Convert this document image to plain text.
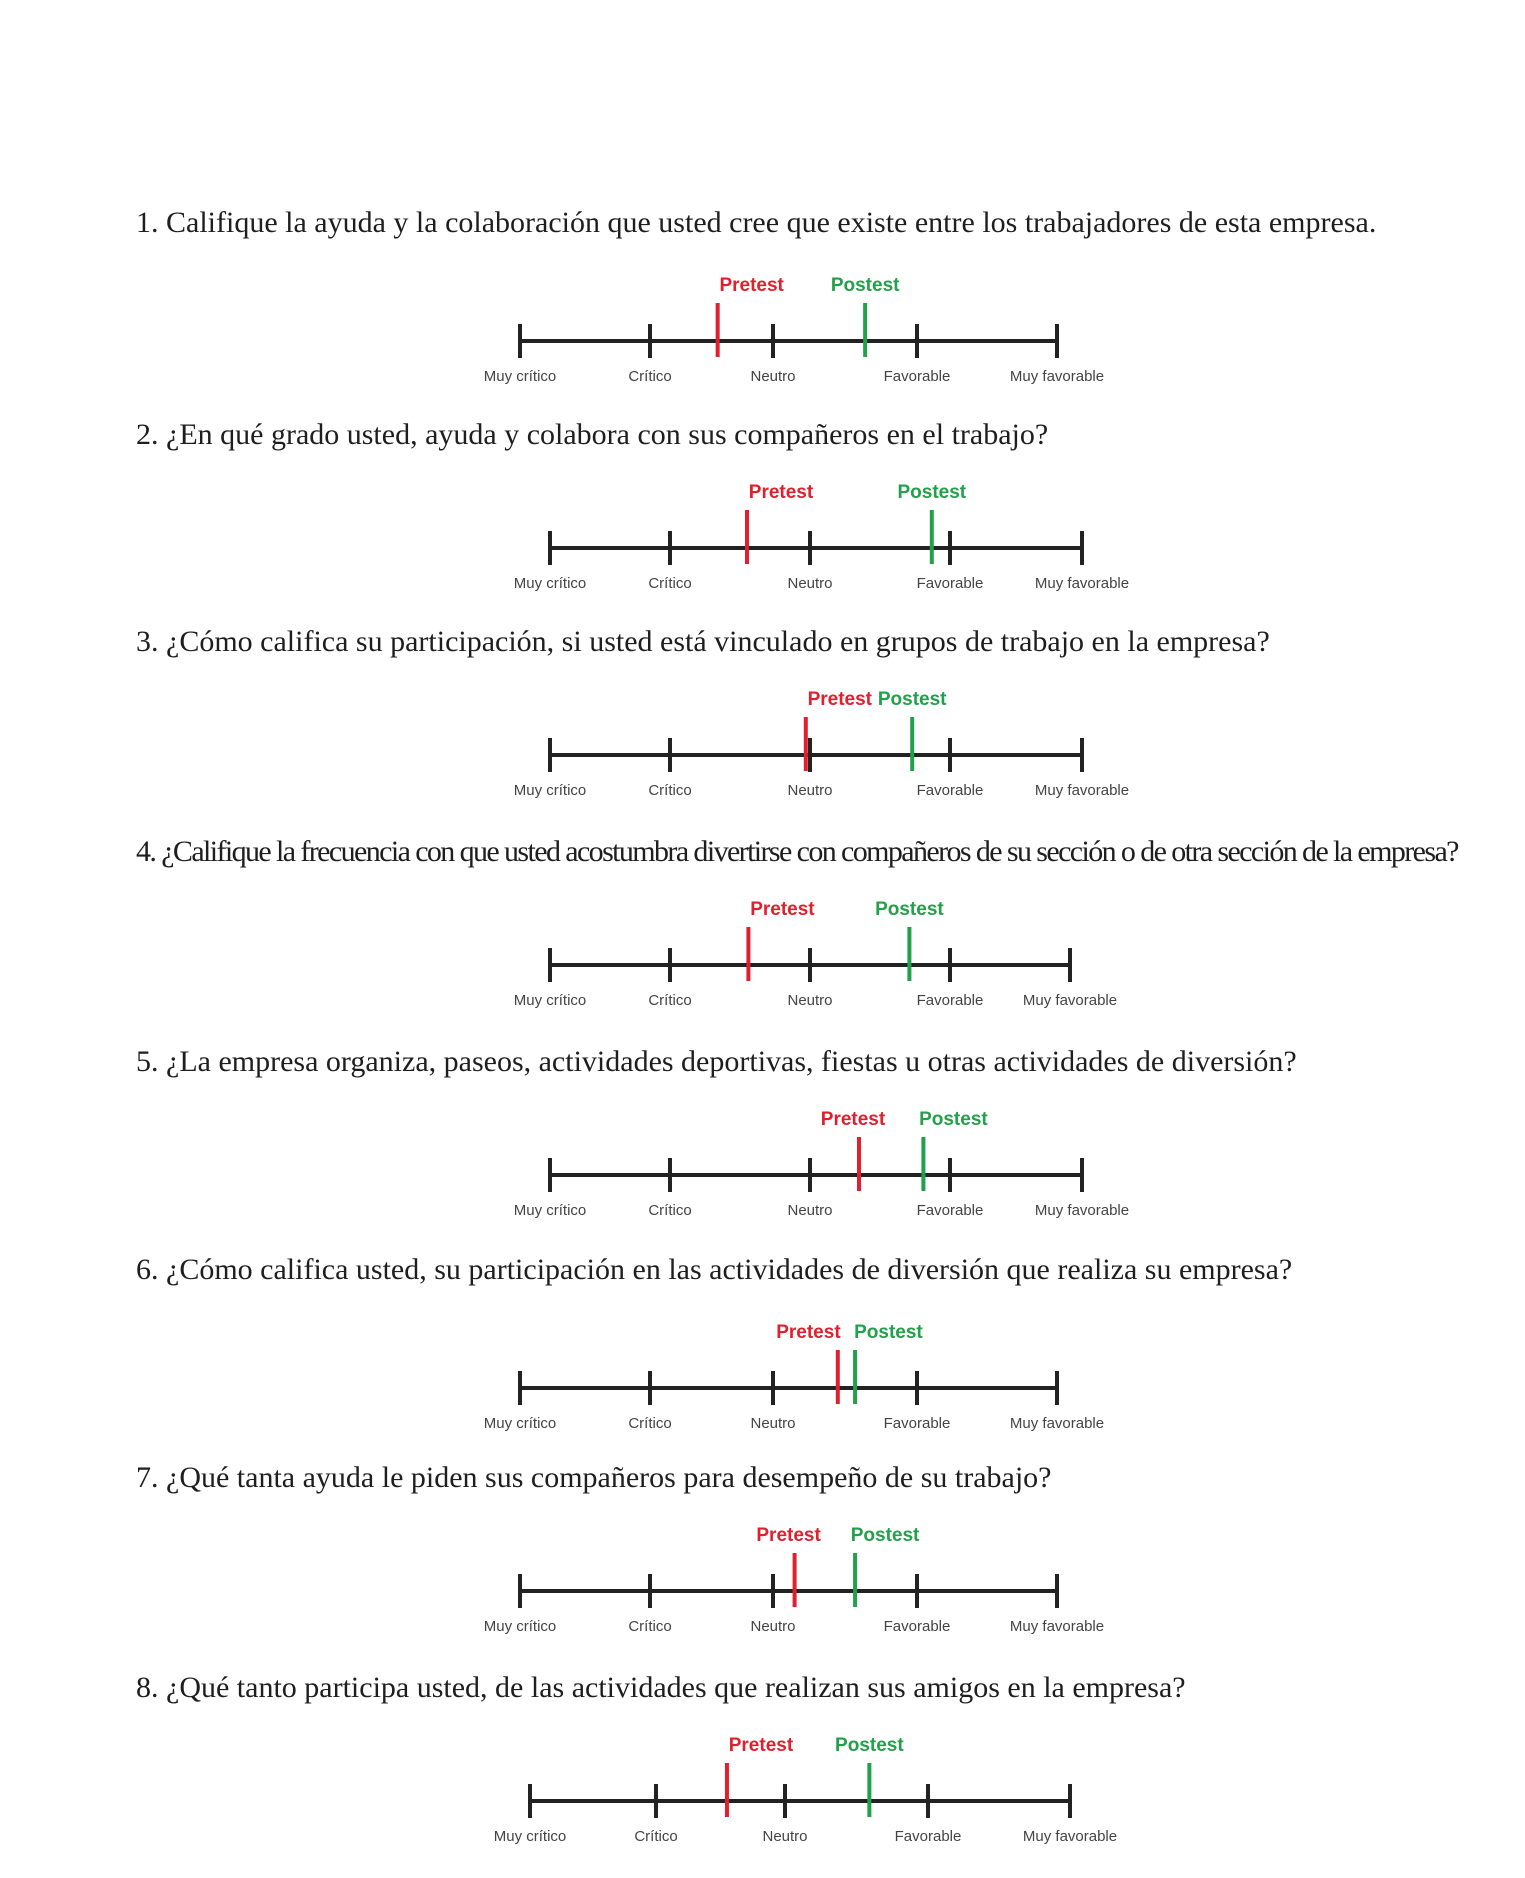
1. Califique la ayuda y la colaboración que usted cree que existe entre los trabajadores de esta empresa.
Muy crítico	Crítico	Neutro	Favorable	Muy favorable
Pretest Postest
2. ¿En qué grado usted, ayuda y colabora con sus compañeros en el trabajo?
Muy crítico	Crítico	Neutro	Favorable	Muy favorable
Pretest	Postest
3. ¿Cómo califica su participación, si usted está vinculado en grupos de trabajo en la empresa?
Muy crítico	Crítico	Neutro	Favorable	Muy favorable
Pretest Postest
4. ¿Califique la frecuencia con que usted acostumbra divertirse con compañeros de su sección o de otra sección de la empresa?
Muy crítico	Crítico	Neutro	Favorable	Muy favorable
Pretest	Postest
5. ¿La empresa organiza, paseos, actividades deportivas, fiestas u otras actividades de diversión?
Muy crítico	Crítico	Neutro	Favorable	Muy favorable
Pretest Postest
6. ¿Cómo califica usted, su participación en las actividades de diversión que realiza su empresa?
Muy crítico	Crítico	Neutro	Favorable	Muy favorable
Pretest Postest
7. ¿Qué tanta ayuda le piden sus compañeros para desempeño de su trabajo?
Muy crítico	Crítico	Neutro	Favorable	Muy favorable
Pretest Postest
8. ¿Qué tanto participa usted, de las actividades que realizan sus amigos en la empresa?
Muy crítico	Crítico	Neutro	Favorable	Muy favorable
Pretest Postest
